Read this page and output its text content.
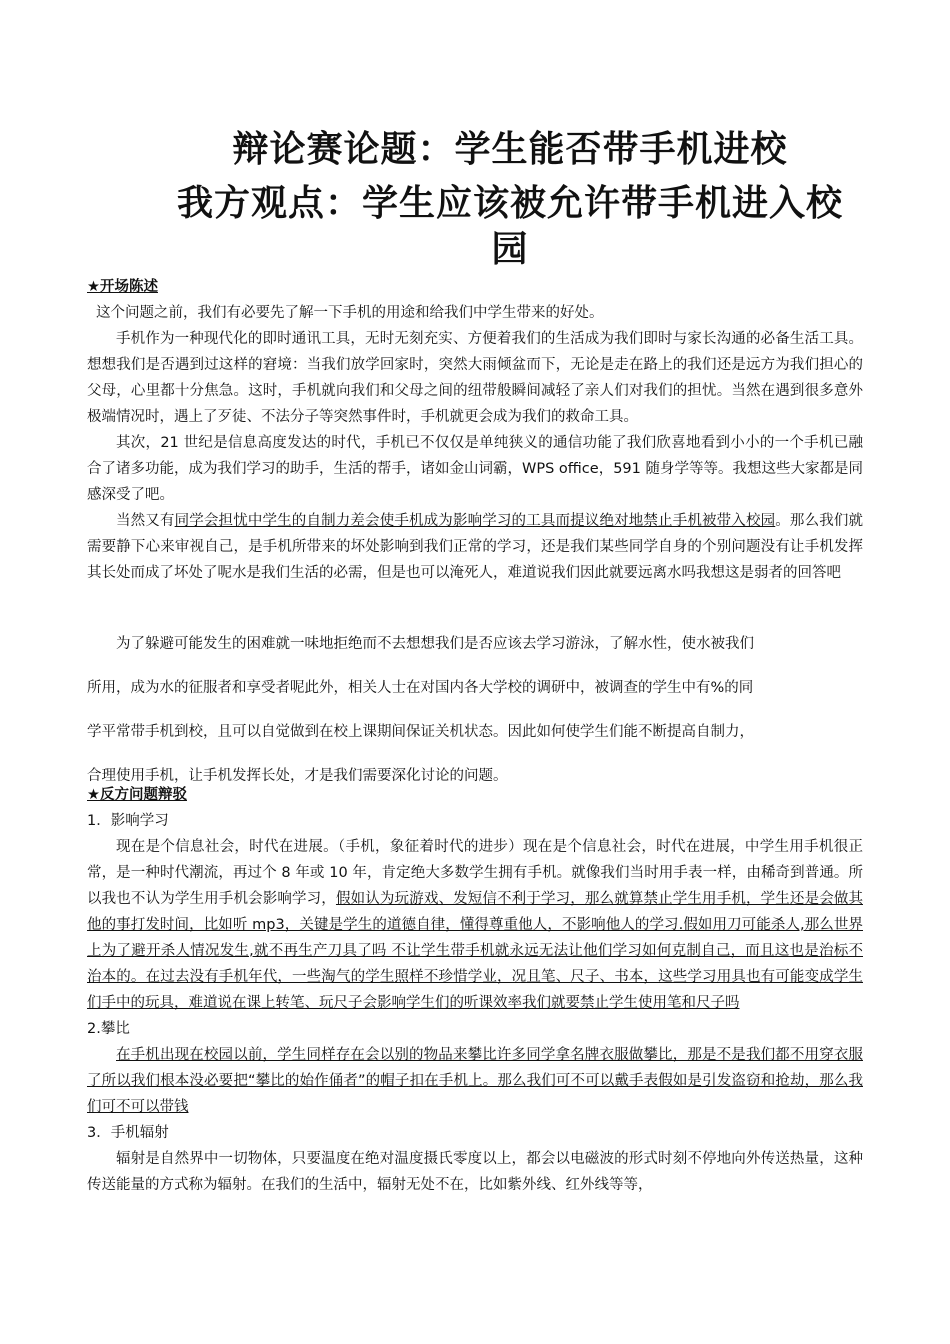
辩论赛论题：学生能否带手机进校
我方观点：学生应该被允许带手机进入校
园

★开场陈述

这个问题之前，我们有必要先了解一下手机的用途和给我们中学生带来的好处。

手机作为一种现代化的即时通讯工具，无时无刻充实、方便着我们的生活成为我们即时与家长沟通的必备生活工具。想想我们是否遇到过这样的窘境：当我们放学回家时，突然大雨倾盆而下，无论是走在路上的我们还是远方为我们担心的父母，心里都十分焦急。这时，手机就向我们和父母之间的纽带般瞬间减轻了亲人们对我们的担忧。当然在遇到很多意外极端情况时，遇上了歹徒、不法分子等突然事件时，手机就更会成为我们的救命工具。

其次，21 世纪是信息高度发达的时代，手机已不仅仅是单纯狭义的通信功能了我们欣喜地看到小小的一个手机已融合了诸多功能，成为我们学习的助手，生活的帮手，诸如金山词霸，WPS office，591 随身学等等。我想这些大家都是同感深受了吧。

当然又有同学会担忧中学生的自制力差会使手机成为影响学习的工具而提议绝对地禁止手机被带入校园。那么我们就需要静下心来审视自己，是手机所带来的坏处影响到我们正常的学习，还是我们某些同学自身的个别问题没有让手机发挥其长处而成了坏处了呢水是我们生活的必需，但是也可以淹死人，难道说我们因此就要远离水吗我想这是弱者的回答吧

为了躲避可能发生的困难就一味地拒绝而不去想想我们是否应该去学习游泳，了解水性，使水被我们

所用，成为水的征服者和享受者呢此外，相关人士在对国内各大学校的调研中，被调查的学生中有%的同

学平常带手机到校，且可以自觉做到在校上课期间保证关机状态。因此如何使学生们能不断提高自制力，

合理使用手机，让手机发挥长处，才是我们需要深化讨论的问题。

★反方问题辩驳

1．影响学习

现在是个信息社会，时代在进展。（手机，象征着时代的进步）现在是个信息社会，时代在进展，中学生用手机很正常，是一种时代潮流，再过个 8 年或 10 年，肯定绝大多数学生拥有手机。就像我们当时用手表一样，由稀奇到普通。所以我也不认为学生用手机会影响学习，假如认为玩游戏、发短信不利于学习，那么就算禁止学生用手机，学生还是会做其他的事打发时间，比如听 mp3，关键是学生的道德自律，懂得尊重他人，不影响他人的学习.假如用刀可能杀人,那么世界上为了避开杀人情况发生,就不再生产刀具了吗 不让学生带手机就永远无法让他们学习如何克制自己，而且这也是治标不治本的。在过去没有手机年代，一些淘气的学生照样不珍惜学业，况且笔、尺子、书本，这些学习用具也有可能变成学生们手中的玩具，难道说在课上转笔、玩尺子会影响学生们的听课效率我们就要禁止学生使用笔和尺子吗

2.攀比

在手机出现在校园以前，学生同样存在会以别的物品来攀比许多同学拿名牌衣服做攀比，那是不是我们都不用穿衣服了所以我们根本没必要把“攀比的始作俑者”的帽子扣在手机上。那么我们可不可以戴手表假如是引发盗窃和抢劫，那么我们可不可以带钱

3．手机辐射

辐射是自然界中一切物体，只要温度在绝对温度摄氏零度以上，都会以电磁波的形式时刻不停地向外传送热量，这种传送能量的方式称为辐射。在我们的生活中，辐射无处不在，比如紫外线、红外线等等，
